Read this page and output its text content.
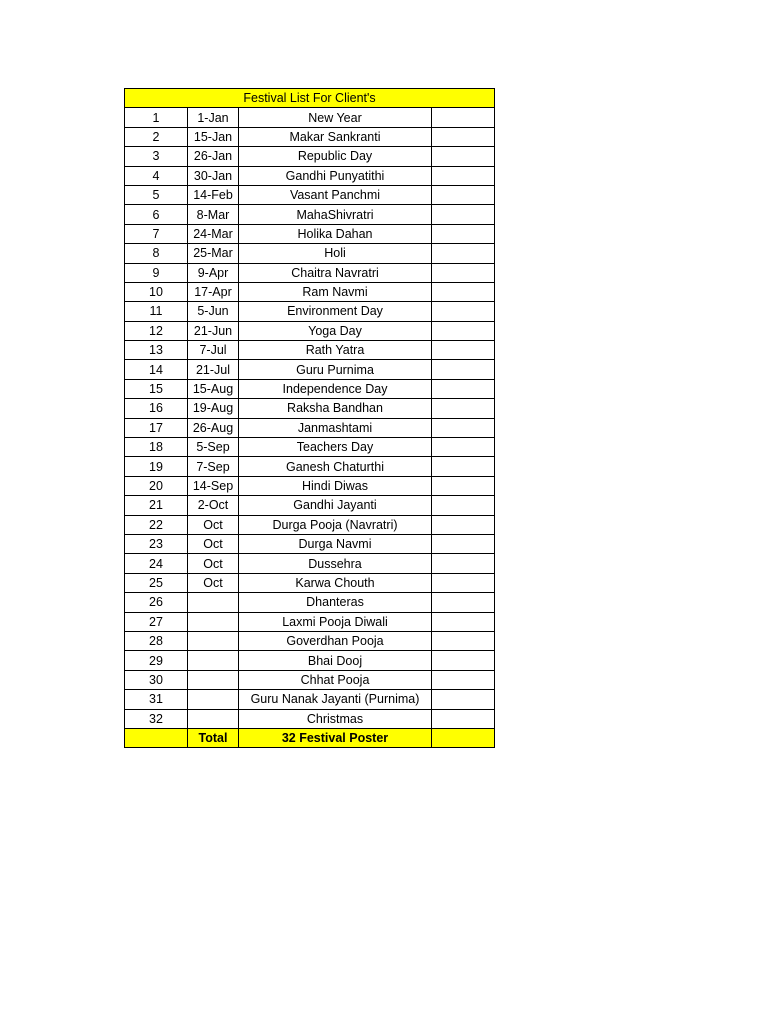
Festival List For Client's			
1	1-Jan	New Year	
2	15-Jan	Makar Sankranti	
3	26-Jan	Republic Day	
4	30-Jan	Gandhi Punyatithi	
5	14-Feb	Vasant Panchmi	
6	8-Mar	MahaShivratri	
7	24-Mar	Holika Dahan	
8	25-Mar	Holi	
9	9-Apr	Chaitra Navratri	
10	17-Apr	Ram Navmi	
11	5-Jun	Environment Day	
12	21-Jun	Yoga Day	
13	7-Jul	Rath Yatra	
14	21-Jul	Guru Purnima	
15	15-Aug	Independence Day	
16	19-Aug	Raksha Bandhan	
17	26-Aug	Janmashtami	
18	5-Sep	Teachers Day	
19	7-Sep	Ganesh Chaturthi	
20	14-Sep	Hindi Diwas	
21	2-Oct	Gandhi Jayanti	
22	Oct	Durga Pooja (Navratri)	
23	Oct	Durga Navmi	
24	Oct	Dussehra	
25	Oct	Karwa Chouth	
26		Dhanteras	
27		Laxmi Pooja Diwali	
28		Goverdhan Pooja	
29		Bhai Dooj	
30		Chhat Pooja	
31		Guru Nanak Jayanti (Purnima)	
32		Christmas	
	Total	32 Festival Poster	
